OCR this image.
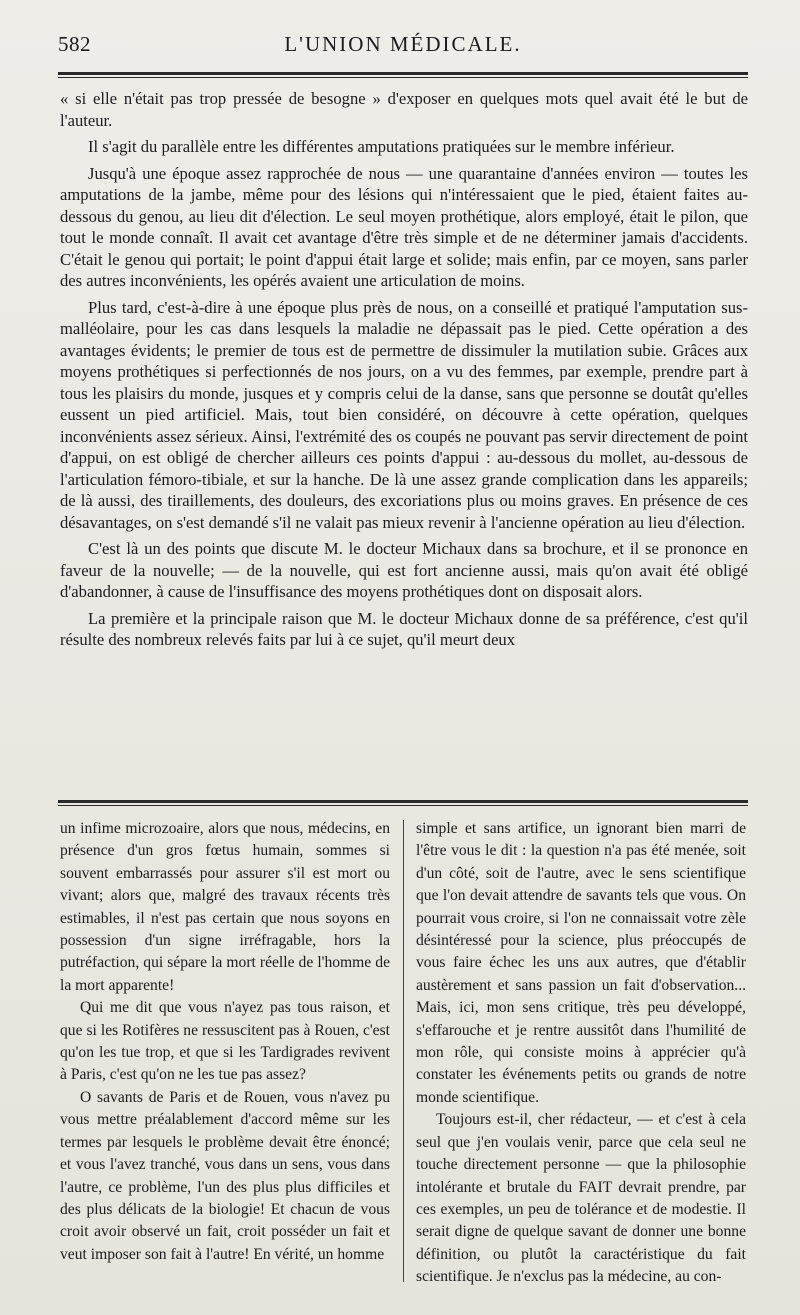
582	L'UNION MÉDICALE.

« si elle n'était pas trop pressée de besogne » d'exposer en quelques mots quel avait été le but de l'auteur.

Il s'agit du parallèle entre les différentes amputations pratiquées sur le membre inférieur.

Jusqu'à une époque assez rapprochée de nous — une quarantaine d'années environ — toutes les amputations de la jambe, même pour des lésions qui n'intéressaient que le pied, étaient faites au-dessous du genou, au lieu dit d'élection. Le seul moyen prothétique, alors employé, était le pilon, que tout le monde connaît. Il avait cet avantage d'être très simple et de ne déterminer jamais d'accidents. C'était le genou qui portait; le point d'appui était large et solide; mais enfin, par ce moyen, sans parler des autres inconvénients, les opérés avaient une articulation de moins.

Plus tard, c'est-à-dire à une époque plus près de nous, on a conseillé et pratiqué l'amputation sus-malléolaire, pour les cas dans lesquels la maladie ne dépassait pas le pied. Cette opération a des avantages évidents; le premier de tous est de permettre de dissimuler la mutilation subie. Grâces aux moyens prothétiques si perfectionnés de nos jours, on a vu des femmes, par exemple, prendre part à tous les plaisirs du monde, jusques et y compris celui de la danse, sans que personne se doutât qu'elles eussent un pied artificiel. Mais, tout bien considéré, on découvre à cette opération, quelques inconvénients assez sérieux. Ainsi, l'extrémité des os coupés ne pouvant pas servir directement de point d'appui, on est obligé de chercher ailleurs ces points d'appui : au-dessous du mollet, au-dessous de l'articulation fémoro-tibiale, et sur la hanche. De là une assez grande complication dans les appareils; de là aussi, des tiraillements, des douleurs, des excoriations plus ou moins graves. En présence de ces désavantages, on s'est demandé s'il ne valait pas mieux revenir à l'ancienne opération au lieu d'élection.

C'est là un des points que discute M. le docteur Michaux dans sa brochure, et il se prononce en faveur de la nouvelle; — de la nouvelle, qui est fort ancienne aussi, mais qu'on avait été obligé d'abandonner, à cause de l'insuffisance des moyens prothétiques dont on disposait alors.

La première et la principale raison que M. le docteur Michaux donne de sa préférence, c'est qu'il résulte des nombreux relevés faits par lui à ce sujet, qu'il meurt deux

un infime microzoaire, alors que nous, médecins, en présence d'un gros fœtus humain, sommes si souvent embarrassés pour assurer s'il est mort ou vivant; alors que, malgré des travaux récents très estimables, il n'est pas certain que nous soyons en possession d'un signe irréfragable, hors la putréfaction, qui sépare la mort réelle de l'homme de la mort apparente!

Qui me dit que vous n'ayez pas tous raison, et que si les Rotifères ne ressuscitent pas à Rouen, c'est qu'on les tue trop, et que si les Tardigrades revivent à Paris, c'est qu'on ne les tue pas assez?

O savants de Paris et de Rouen, vous n'avez pu vous mettre préalablement d'accord même sur les termes par lesquels le problème devait être énoncé; et vous l'avez tranché, vous dans un sens, vous dans l'autre, ce problème, l'un des plus plus difficiles et des plus délicats de la biologie! Et chacun de vous croit avoir observé un fait, croit posséder un fait et veut imposer son fait à l'autre! En vérité, un homme

simple et sans artifice, un ignorant bien marri de l'être vous le dit : la question n'a pas été menée, soit d'un côté, soit de l'autre, avec le sens scientifique que l'on devait attendre de savants tels que vous. On pourrait vous croire, si l'on ne connaissait votre zèle désintéressé pour la science, plus préoccupés de vous faire échec les uns aux autres, que d'établir austèrement et sans passion un fait d'observation... Mais, ici, mon sens critique, très peu développé, s'effarouche et je rentre aussitôt dans l'humilité de mon rôle, qui consiste moins à apprécier qu'à constater les événements petits ou grands de notre monde scientifique.

Toujours est-il, cher rédacteur, — et c'est à cela seul que j'en voulais venir, parce que cela seul ne touche directement personne — que la philosophie intolérante et brutale du FAIT devrait prendre, par ces exemples, un peu de tolérance et de modestie. Il serait digne de quelque savant de donner une bonne définition, ou plutôt la caractéristique du fait scientifique. Je n'exclus pas la médecine, au con-
